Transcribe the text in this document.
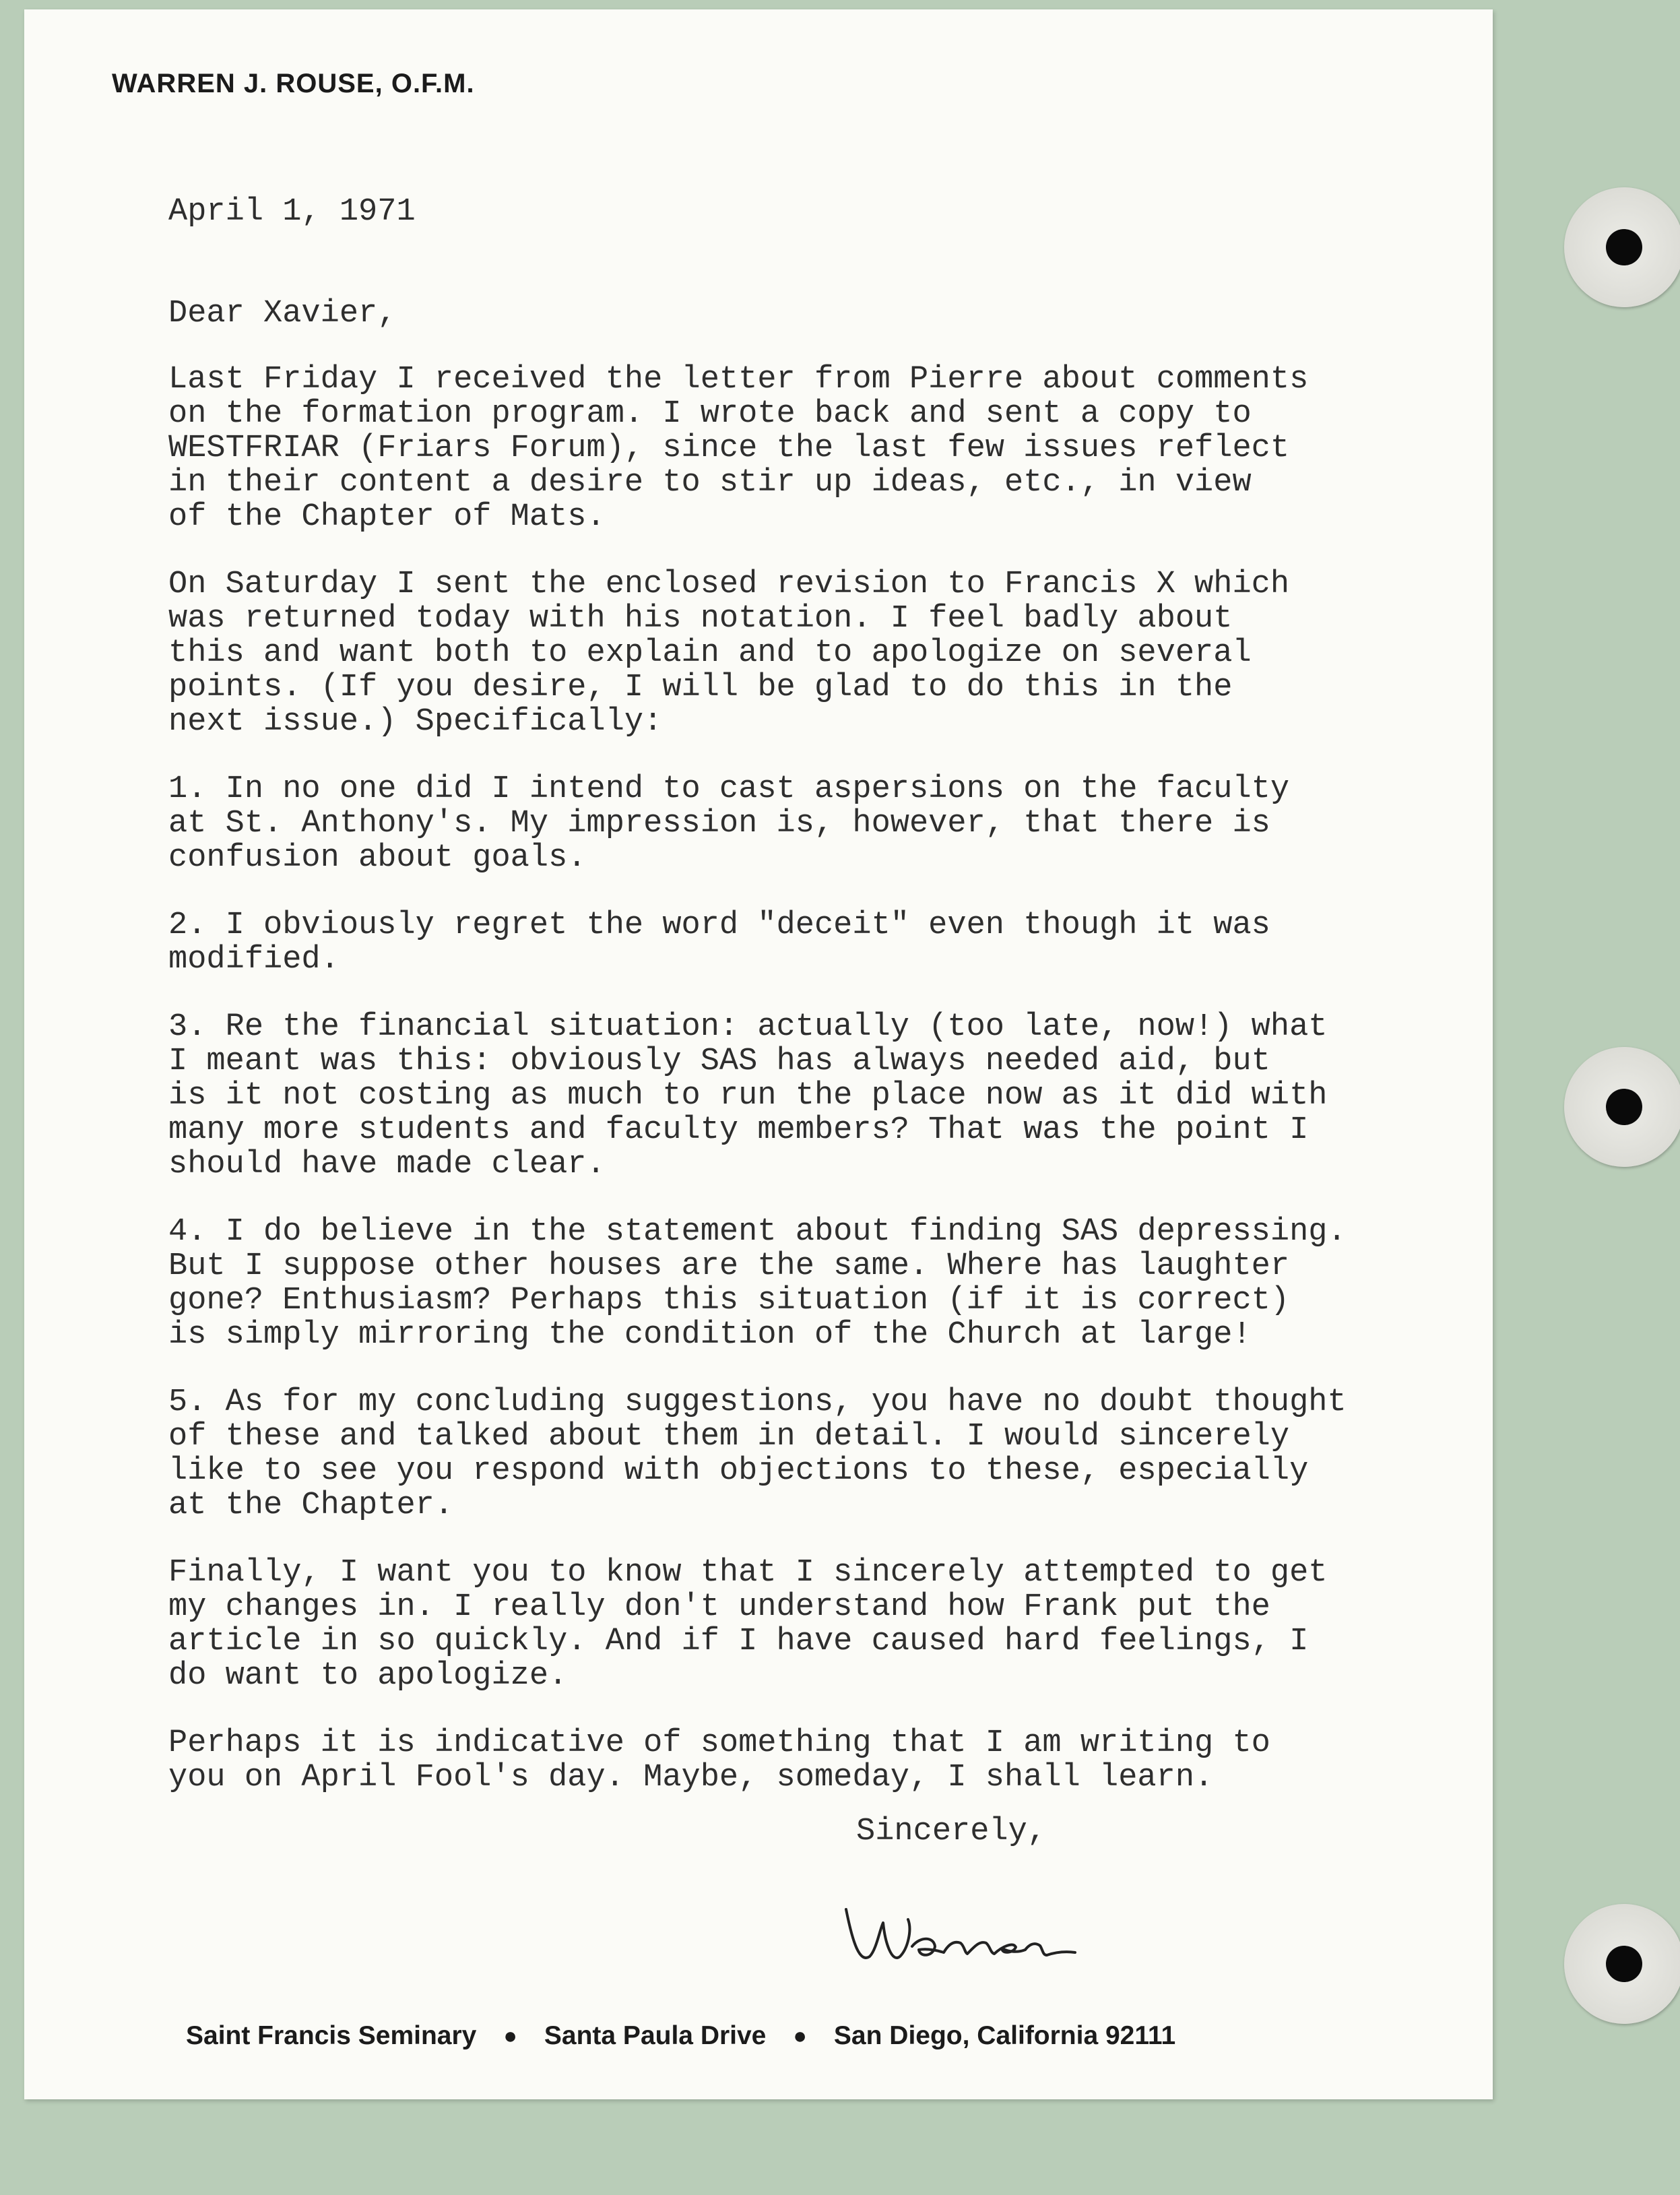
WARREN J. ROUSE, O.F.M.

April 1, 1971

Dear Xavier,

Last Friday I received the letter from Pierre about comments
on the formation program. I wrote back and sent a copy to
WESTFRIAR (Friars Forum), since the last few issues reflect
in their content a desire to stir up ideas, etc., in view
of the Chapter of Mats.

On Saturday I sent the enclosed revision to Francis X which
was returned today with his notation. I feel badly about
this and want both to explain and to apologize on several
points. (If you desire, I will be glad to do this in the
next issue.) Specifically:

1. In no one did I intend to cast aspersions on the faculty
at St. Anthony's. My impression is, however, that there is
confusion about goals.

2. I obviously regret the word "deceit" even though it was
modified.

3. Re the financial situation: actually (too late, now!) what
I meant was this: obviously SAS has always needed aid, but
is it not costing as much to run the place now as it did with
many more students and faculty members? That was the point I
should have made clear.

4. I do believe in the statement about finding SAS depressing.
But I suppose other houses are the same. Where has laughter
gone? Enthusiasm? Perhaps this situation (if it is correct)
is simply mirroring the condition of the Church at large!

5. As for my concluding suggestions, you have no doubt thought
of these and talked about them in detail. I would sincerely
like to see you respond with objections to these, especially
at the Chapter.

Finally, I want you to know that I sincerely attempted to get
my changes in. I really don't understand how Frank put the
article in so quickly. And if I have caused hard feelings, I
do want to apologize.

Perhaps it is indicative of something that I am writing to
you on April Fool's day. Maybe, someday, I shall learn.

Sincerely,

Saint Francis Seminary ● Santa Paula Drive ● San Diego, California 92111
